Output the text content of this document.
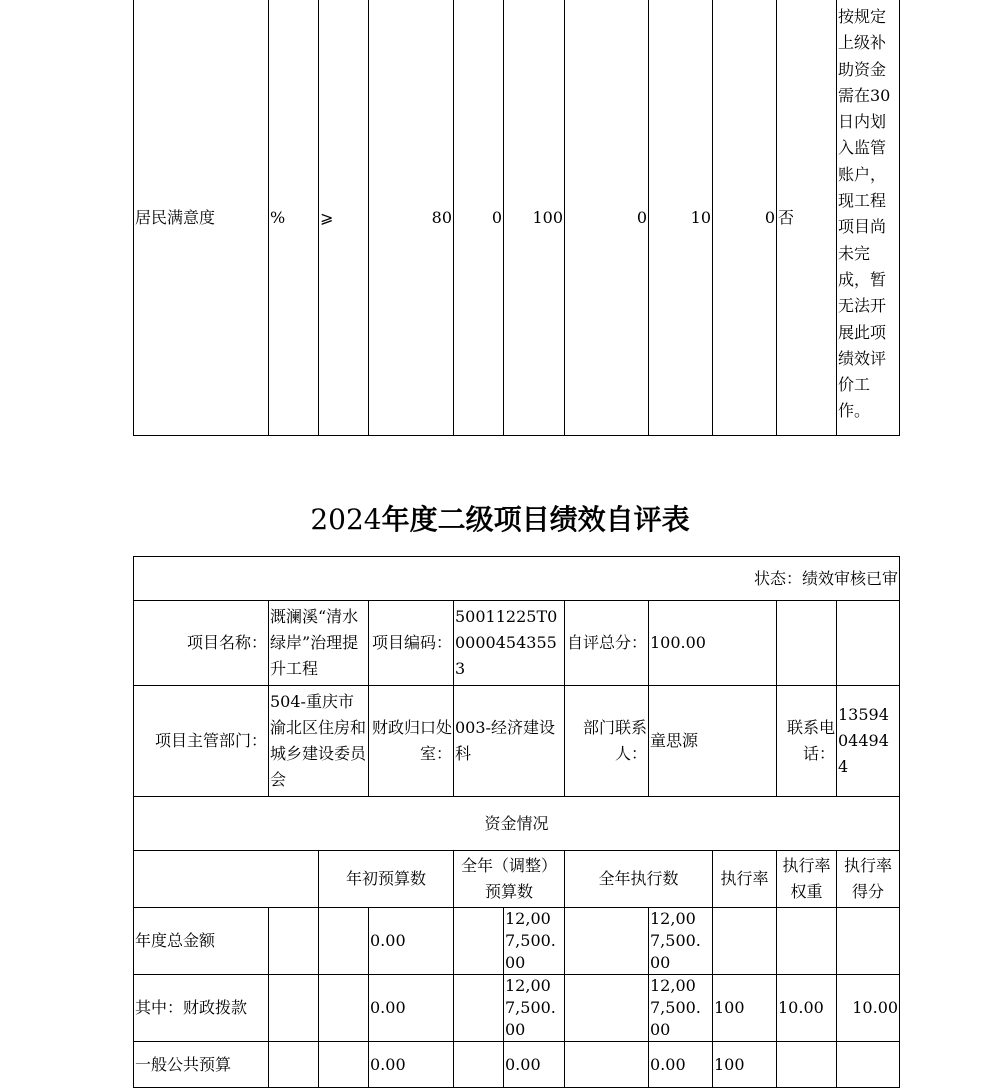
居民满意度	%	⩾	80	0	100	0	10	0	否	按规定上级补助资金需在30日内划入监管账户，现工程项目尚未完成，暂无法开展此项绩效评价工作。
2024年度二级项目绩效自评表
状态：绩效审核已审										
项目名称：	溉澜溪“清水绿岸”治理提升工程		项目编码：	50011225T000004543553		自评总分：	100.00			
项目主管部门：	504-重庆市渝北区住房和城乡建设委员会		财政归口处室：	003-经济建设科		部门联系人：	童思源		联系电话：	13594044944
资金情况										
		年初预算数		全年（调整）预算数		全年执行数		执行率	执行率权重	执行率得分
年度总金额			0.00		12,007,500.00		12,007,500.00			
其中：财政拨款			0.00		12,007,500.00		12,007,500.00	100	10.00	10.00
一般公共预算			0.00		0.00		0.00	100		
